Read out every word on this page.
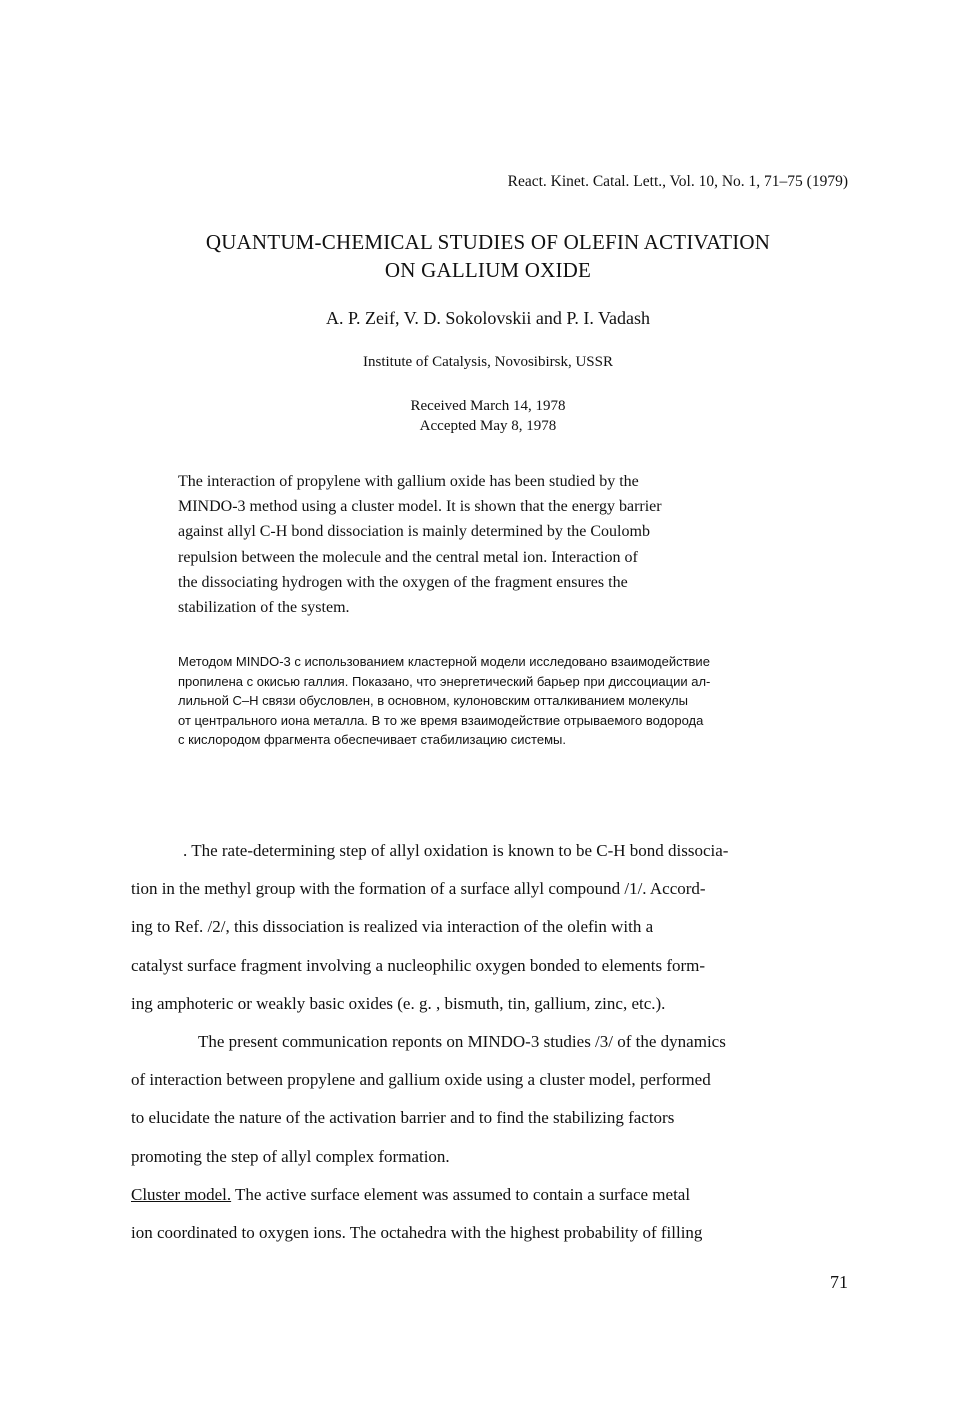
React. Kinet. Catal. Lett., Vol. 10, No. 1, 71–75 (1979)
QUANTUM-CHEMICAL STUDIES OF OLEFIN ACTIVATION
ON GALLIUM OXIDE
A. P. Zeif, V. D. Sokolovskii and P. I. Vadash
Institute of Catalysis, Novosibirsk, USSR
Received March 14, 1978
Accepted May 8, 1978
The interaction of propylene with gallium oxide has been studied by the
MINDO-3 method using a cluster model. It is shown that the energy barrier
against allyl C-H bond dissociation is mainly determined by the Coulomb
repulsion between the molecule and the central metal ion. Interaction of
the dissociating hydrogen with the oxygen of the fragment ensures the
stabilization of the system.
Методом MINDO-3 с использованием кластерной модели исследовано взаимодействие
пропилена с окисью галлия. Показано, что энергетический барьер при диссоциации ал-
лильной C–H связи обусловлен, в основном, кулоновским отталкиванием молекулы
от центрального иона металла. В то же время взаимодействие отрываемого водорода
с кислородом фрагмента обеспечивает стабилизацию системы.
. The rate-determining step of allyl oxidation is known to be C-H bond dissocia-
tion in the methyl group with the formation of a surface allyl compound /1/. Accord-
ing to Ref. /2/, this dissociation is realized via interaction of the olefin with a
catalyst surface fragment involving a nucleophilic oxygen bonded to elements form-
ing amphoteric or weakly basic oxides (e. g. , bismuth, tin, gallium, zinc, etc.).
The present communication reponts on MINDO-3 studies /3/ of the dynamics
of interaction between propylene and gallium oxide using a cluster model, performed
to elucidate the nature of the activation barrier and to find the stabilizing factors
promoting the step of allyl complex formation.
Cluster model. The active surface element was assumed to contain a surface metal
ion coordinated to oxygen ions. The octahedra with the highest probability of filling
71
